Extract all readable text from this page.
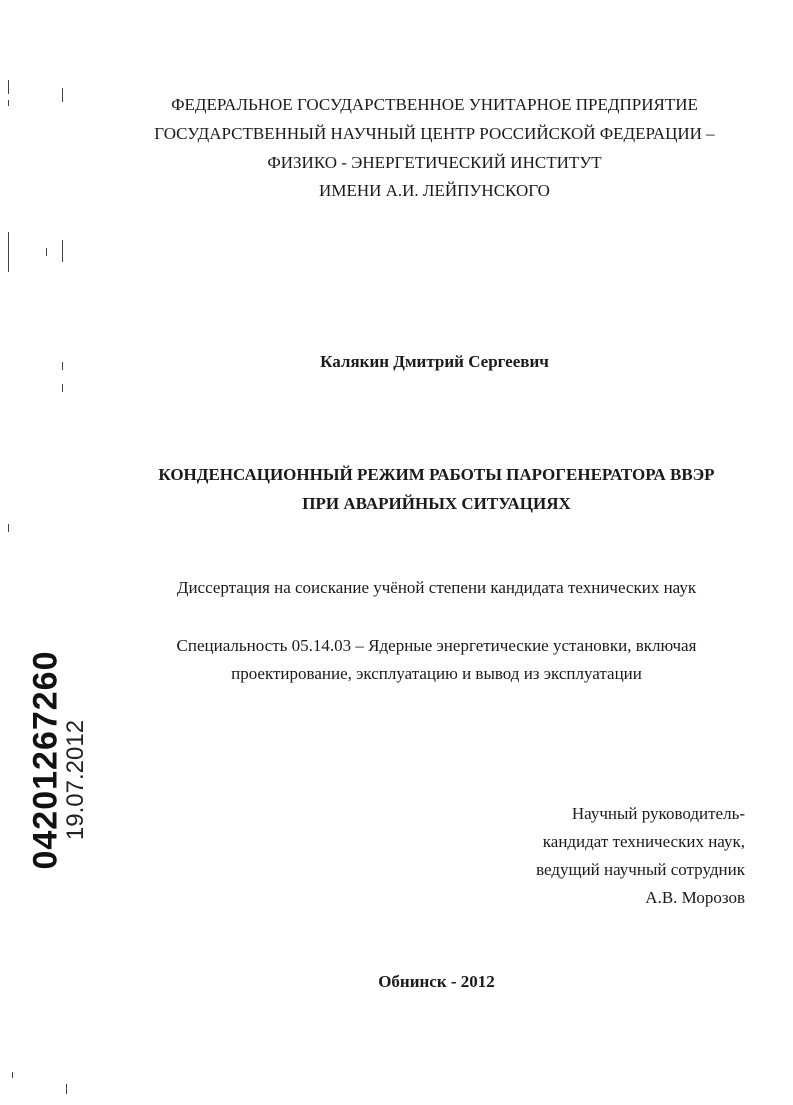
ФЕДЕРАЛЬНОЕ ГОСУДАРСТВЕННОЕ УНИТАРНОЕ ПРЕДПРИЯТИЕ
ГОСУДАРСТВЕННЫЙ НАУЧНЫЙ ЦЕНТР РОССИЙСКОЙ ФЕДЕРАЦИИ –
ФИЗИКО - ЭНЕРГЕТИЧЕСКИЙ ИНСТИТУТ
ИМЕНИ А.И. ЛЕЙПУНСКОГО
Калякин Дмитрий Сергеевич
КОНДЕНСАЦИОННЫЙ РЕЖИМ РАБОТЫ ПАРОГЕНЕРАТОРА ВВЭР
ПРИ АВАРИЙНЫХ СИТУАЦИЯХ
Диссертация на соискание учёной степени кандидата технических наук
Специальность 05.14.03 – Ядерные энергетические установки, включая
проектирование, эксплуатацию и вывод из эксплуатации
Научный руководитель-
кандидат технических наук,
ведущий научный сотрудник
А.В. Морозов
Обнинск - 2012
04201267260
19.07.2012
